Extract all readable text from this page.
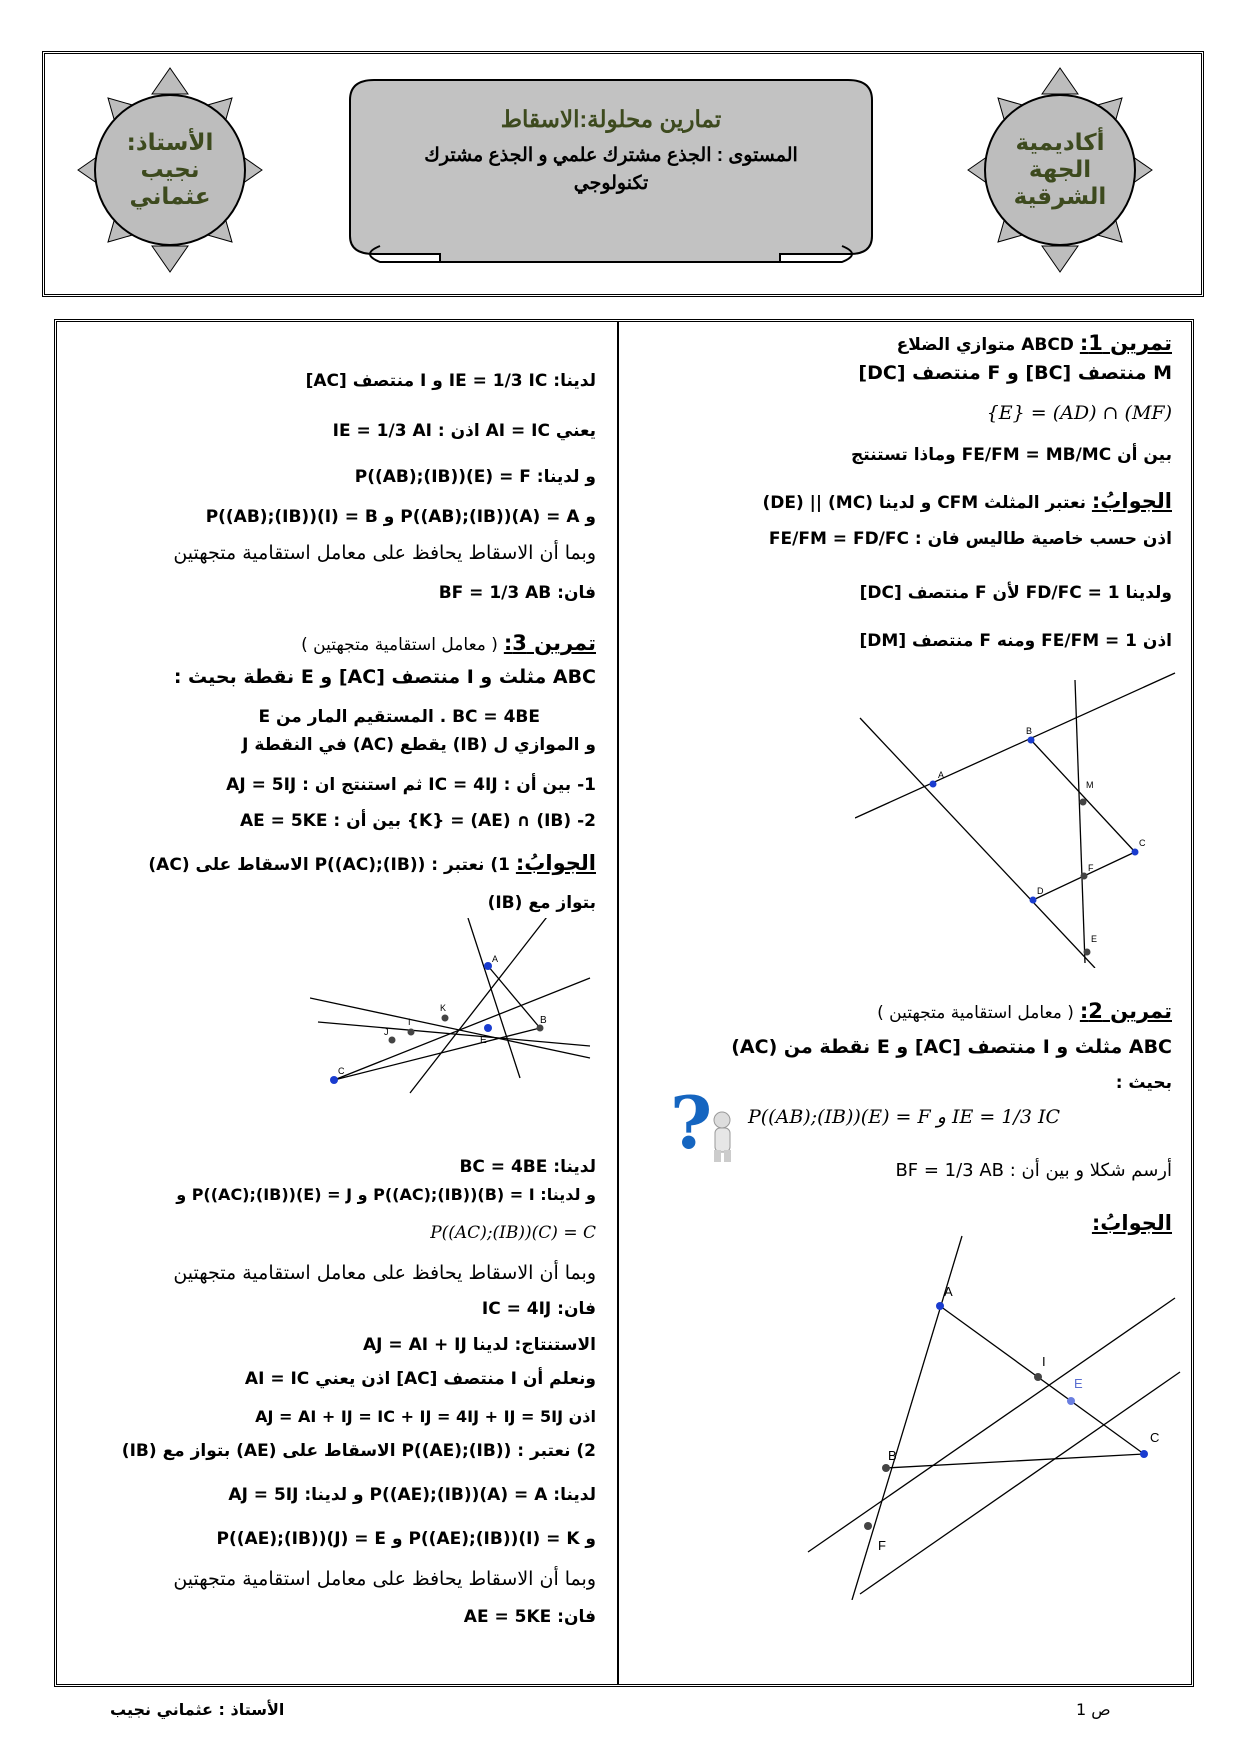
الأستاذ:
نجيب
عثماني
أكاديمية
الجهة
الشرقية
تمارين محلولة:الاسقاط
المستوى : الجذع مشترك علمي و الجذع مشترك
تكنولوجي
تمرين 1: ABCD متوازي الضلاع
M منتصف [BC] و F منتصف [DC]
(MF) ∩ (AD) = {E}
بين أن FE/FM = MB/MC وماذا تستنتج
الجوابُ: نعتبر المثلث CFM و لدينا (MC) || (DE)
اذن حسب خاصية طاليس فان : FE/FM = FD/FC
ولدينا FD/FC = 1 لأن F منتصف [DC]
اذن FE/FM = 1 ومنه F منتصف [DM]
A
B
C
D
E
F
M
تمرين 2: ( معامل استقامية متجهتين )
ABC مثلث و I منتصف [AC] و E نقطة من (AC)
بحيث :
? IE = 1/3 IC و P((AB);(IB))(E) = F
أرسم شكلا و بين أن : BF = 1/3 AB
الجوابُ:
A
I
E
C
B
F
لدينا: IE = 1/3 IC و I منتصف [AC]
يعني AI = IC اذن : IE = 1/3 AI
و لدينا: P((AB);(IB))(E) = F
و P((AB);(IB))(A) = A و P((AB);(IB))(I) = B
وبما أن الاسقاط يحافظ على معامل استقامية متجهتين
فان: BF = 1/3 AB
تمرين 3: ( معامل استقامية متجهتين )
ABC مثلث و I منتصف [AC] و E نقطة بحيث :
BC = 4BE . المستقيم المار من E
و الموازي ل (IB) يقطع (AC) في النقطة J
1- بين أن : IC = 4IJ ثم استنتج ان : AJ = 5IJ
2- (IB) ∩ (AE) = {K} بين أن : AE = 5KE
الجوابُ: 1) نعتبر : P((AC);(IB)) الاسقاط على (AC)
بتواز مع (IB)
A
I
J
K
B
C
E
لدينا: BC = 4BE
و لدينا: P((AC);(IB))(B) = I و P((AC);(IB))(E) = J و
P((AC);(IB))(C) = C
وبما أن الاسقاط يحافظ على معامل استقامية متجهتين
فان: IC = 4IJ
الاستنتاج: لدينا AJ = AI + IJ
ونعلم أن I منتصف [AC] اذن يعني AI = IC
اذن AJ = AI + IJ = IC + IJ = 4IJ + IJ = 5IJ
2) نعتبر : P((AE);(IB)) الاسقاط على (AE) بتواز مع (IB)
لدينا: P((AE);(IB))(A) = A و لدينا: AJ = 5IJ
و P((AE);(IB))(I) = K و P((AE);(IB))(J) = E
وبما أن الاسقاط يحافظ على معامل استقامية متجهتين
فان: AE = 5KE
الأستاذ : عثماني نجيب	ص 1
